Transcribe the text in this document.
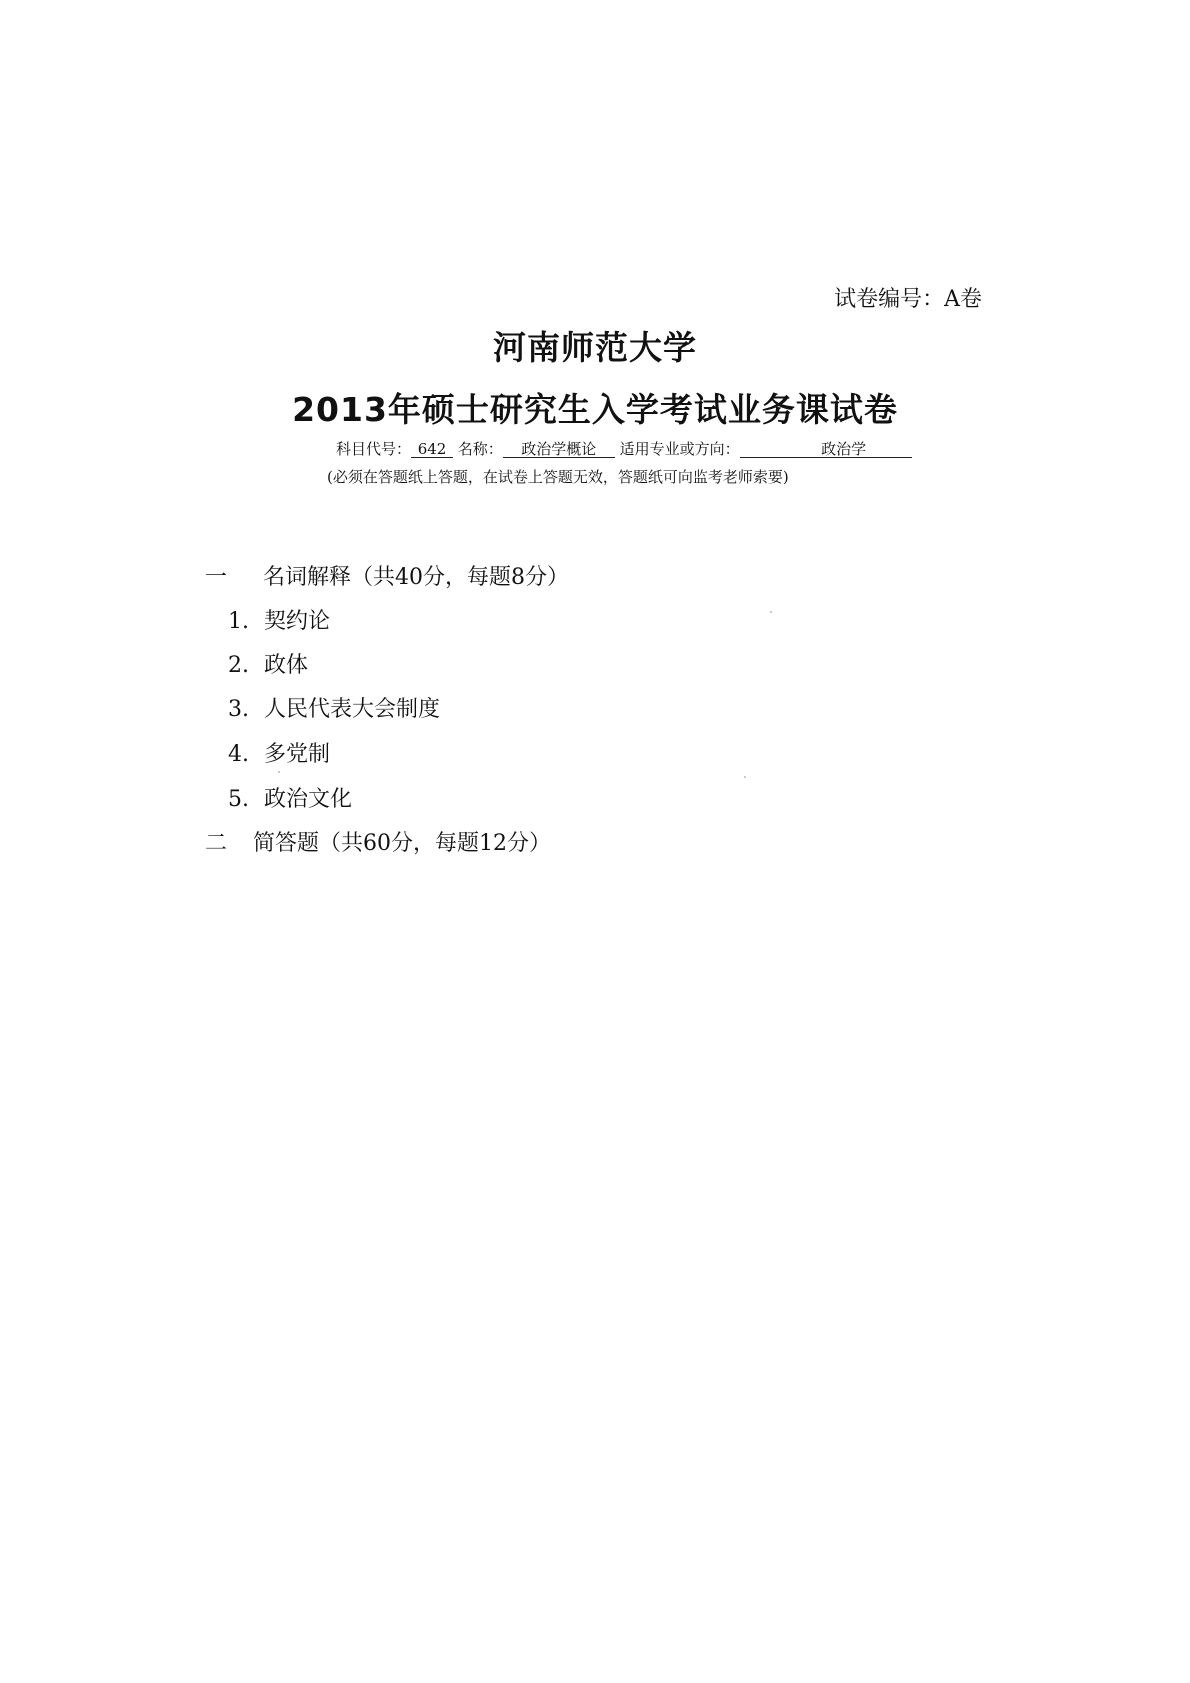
试卷编号：A卷
河南师范大学
2013年硕士研究生入学考试业务课试卷
科目代号： 642 名称： 政治学概论 适用专业或方向：	政治学
(必须在答题纸上答题，在试卷上答题无效，答题纸可向监考老师索要)
一 名词解释（共40分，每题8分）
1. 契约论
2. 政体
3. 人民代表大会制度
4. 多党制
5. 政治文化
二 简答题（共60分，每题12分）
